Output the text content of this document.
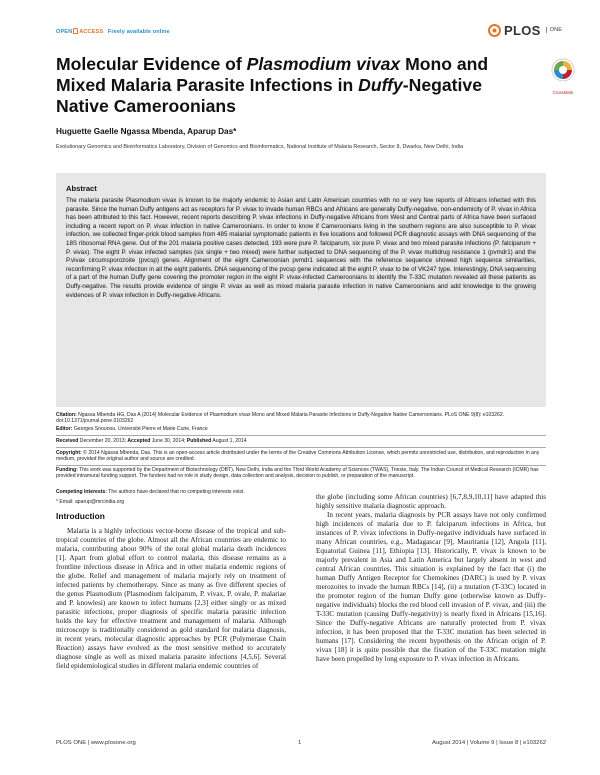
OPEN ACCESS Freely available online	PLOS	ONE
Molecular Evidence of Plasmodium vivax Mono and Mixed Malaria Parasite Infections in Duffy-Negative Native Cameroonians
CrossMark
Huguette Gaelle Ngassa Mbenda, Aparup Das*
Evolutionary Genomics and Bioinformatics Laboratory, Division of Genomics and Bioinformatics, National Institute of Malaria Research, Sector 8, Dwarka, New Delhi, India
Abstract

The malaria parasite Plasmodium vivax is known to be majorly endemic to Asian and Latin American countries with no or very few reports of Africans infected with this parasite. Since the human Duffy antigens act as receptors for P. vivax to invade human RBCs and Africans are generally Duffy-negative, non-endemicity of P. vivax in Africa has been attributed to this fact. However, recent reports describing P. vivax infections in Duffy-negative Africans from West and Central parts of Africa have been surfaced including a recent report on P. vivax infection in native Cameroonians. In order to know if Cameroonians living in the southern regions are also susceptible to P. vivax infection, we collected finger-prick blood samples from 485 malarial symptomatic patients in five locations and followed PCR diagnostic assays with DNA sequencing of the 18S ribosomal RNA gene. Out of the 201 malaria positive cases detected, 193 were pure P. falciparum, six pure P. vivax and two mixed parasite infections (P. falciparum + P. vivax). The eight P. vivax infected samples (six single + two mixed) were further subjected to DNA sequencing of the P. vivax multidrug resistance 1 (pvmdr1) and the P.vivax circumsporozoite (pvcsp) genes. Alignment of the eight Cameroonian pvmdr1 sequences with the reference sequence showed high sequence similarities, reconfirming P. vivax infection in all the eight patients. DNA sequencing of the pvcsp gene indicated all the eight P. vivax to be of VK247 type. Interestingly, DNA sequencing of a part of the human Duffy gene covering the promoter region in the eight P. vivax-infected Cameroonians to identify the T-33C mutation revealed all these patients as Duffy-negative. The results provide evidence of single P. vivax as well as mixed malaria parasite infection in native Cameroonians and add knowledge to the growing evidences of P. vivax infection in Duffy-negative Africans.

Citation: Ngassa Mbenda HG, Das A (2014) Molecular Evidence of Plasmodium vivax Mono and Mixed Malaria Parasite Infections in Duffy-Negative Native Cameroonians. PLoS ONE 9(8): e103262. doi:10.1371/journal.pone.0103262
Editor: Georges Snounou, Université Pierre et Marie Curie, France
Received December 20, 2013; Accepted June 30, 2014; Published August 1, 2014
Copyright: © 2014 Ngassa Mbenda, Das. This is an open-access article distributed under the terms of the Creative Commons Attribution License, which permits unrestricted use, distribution, and reproduction in any medium, provided the original author and source are credited.
Funding: This work was supported by the Department of Biotechnology (DBT), New Delhi, India and the Third World Academy of Sciences (TWAS), Trieste, Italy. The Indian Council of Medical Research (ICMR) has provided intramural funding support. The funders had no role in study design, data collection and analysis, decision to publish, or preparation of the manuscript.
Competing Interests: The authors have declared that no competing interests exist.
* Email: aparup@mrcindia.org
Introduction
Malaria is a highly infectious vector-borne disease of the tropical and sub-tropical countries of the globe. Almost all the African countries are endemic to malaria, contributing about 90% of the total global malaria death incidences [1]. Apart from global effort to control malaria, this disease remains as a frontline infectious disease in Africa and in other malaria endemic regions of the globe. Relief and management of malaria majorly rely on treatment of infected patients by chemotherapy. Since as many as five different species of the genus Plasmodium (Plasmodium falciparum, P. vivax, P. ovale, P. malariae and P. knowlesi) are known to infect humans [2,3] either singly or as mixed parasitic infections, proper diagnosis of specific malaria parasitic infection holds the key for effective treatment and management of malaria. Although microscopy is traditionally considered as gold standard for malaria diagnosis, in recent years, molecular diagnostic approaches by PCR (Polymerase Chain Reaction) assays have evolved as the most sensitive method to accurately diagnose single as well as mixed malaria parasite infections [4,5,6]. Several field epidemiological studies in different malaria endemic countries of

the globe (including some African countries) [6,7,8,9,10,11] have adapted this highly sensitive malaria diagnostic approach.

In recent years, malaria diagnosis by PCR assays have not only confirmed high incidences of malaria due to P. falciparum infections in Africa, but instances of P. vivax infections in Duffy-negative individuals have surfaced in many African countries, e.g., Madagascar [9], Mauritania [12], Angola [11], Equatorial Guinea [11], Ethiopia [13]. Historically, P. vivax is known to be majorly prevalent in Asia and Latin America but largely absent in west and central African countries. This situation is explained by the fact that (i) the human Duffy Antigen Receptor for Chemokines (DARC) is used by P. vivax merozoites to invade the human RBCs [14], (ii) a mutation (T-33C) located in the promoter region of the human Duffy gene (otherwise known as Duffy-negative individuals) blocks the red blood cell invasion of P. vivax, and (iii) the T-33C mutation (causing Duffy-negativity) is nearly fixed in Africans [15,16]. Since the Duffy-negative Africans are naturally protected from P. vivax infection, it has been proposed that the T-33C mutation has been selected in humans [17]. Considering the recent hypothesis on the African origin of P. vivax [18] it is quite possible that the fixation of the T-33C mutation might have been propelled by long exposure to P. vivax infection in Africans.

PLOS ONE | www.plosone.org	1	August 2014 | Volume 9 | Issue 8 | e103262
